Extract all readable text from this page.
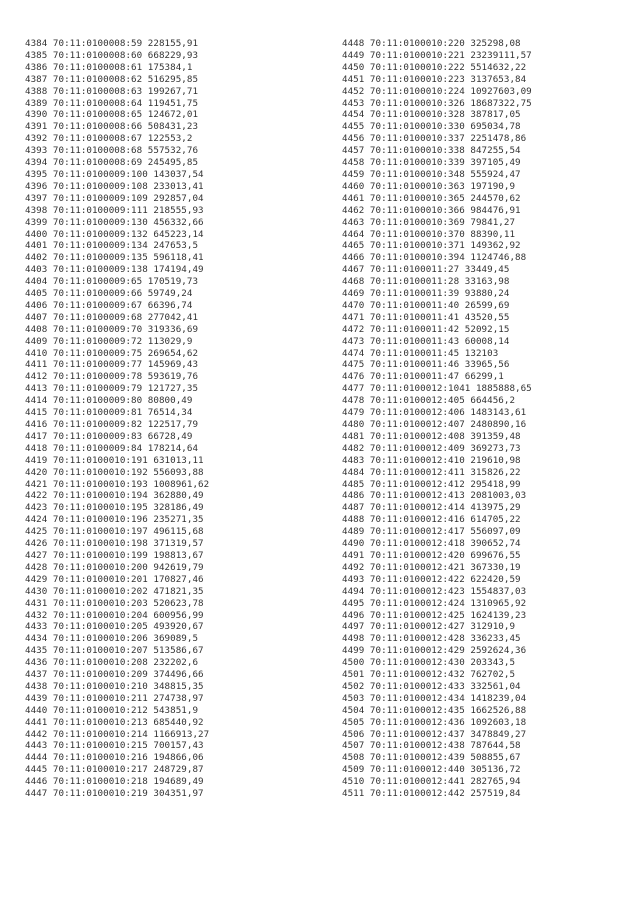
4384 70:11:0100008:59 228155,91
4385 70:11:0100008:60 668229,93
4386 70:11:0100008:61 175384,1
4387 70:11:0100008:62 516295,85
4388 70:11:0100008:63 199267,71
4389 70:11:0100008:64 119451,75
4390 70:11:0100008:65 124672,01
4391 70:11:0100008:66 508431,23
4392 70:11:0100008:67 122553,2
4393 70:11:0100008:68 557532,76
4394 70:11:0100008:69 245495,85
4395 70:11:0100009:100 143037,54
4396 70:11:0100009:108 233013,41
4397 70:11:0100009:109 292857,04
4398 70:11:0100009:111 218555,93
4399 70:11:0100009:130 456332,66
4400 70:11:0100009:132 645223,14
4401 70:11:0100009:134 247653,5
4402 70:11:0100009:135 596118,41
4403 70:11:0100009:138 174194,49
4404 70:11:0100009:65 170519,73
4405 70:11:0100009:66 59749,24
4406 70:11:0100009:67 66396,74
4407 70:11:0100009:68 277042,41
4408 70:11:0100009:70 319336,69
4409 70:11:0100009:72 113029,9
4410 70:11:0100009:75 269654,62
4411 70:11:0100009:77 145969,43
4412 70:11:0100009:78 593619,76
4413 70:11:0100009:79 121727,35
4414 70:11:0100009:80 80800,49
4415 70:11:0100009:81 76514,34
4416 70:11:0100009:82 122517,79
4417 70:11:0100009:83 66728,49
4418 70:11:0100009:84 178214,64
4419 70:11:0100010:191 631013,11
4420 70:11:0100010:192 556093,88
4421 70:11:0100010:193 1008961,62
4422 70:11:0100010:194 362880,49
4423 70:11:0100010:195 328186,49
4424 70:11:0100010:196 235271,35
4425 70:11:0100010:197 496115,68
4426 70:11:0100010:198 371319,57
4427 70:11:0100010:199 198813,67
4428 70:11:0100010:200 942619,79
4429 70:11:0100010:201 170827,46
4430 70:11:0100010:202 471821,35
4431 70:11:0100010:203 520623,78
4432 70:11:0100010:204 600956,99
4433 70:11:0100010:205 493920,67
4434 70:11:0100010:206 369089,5
4435 70:11:0100010:207 513586,67
4436 70:11:0100010:208 232202,6
4437 70:11:0100010:209 374496,66
4438 70:11:0100010:210 348815,35
4439 70:11:0100010:211 274738,97
4440 70:11:0100010:212 543851,9
4441 70:11:0100010:213 685440,92
4442 70:11:0100010:214 1166913,27
4443 70:11:0100010:215 700157,43
4444 70:11:0100010:216 194866,06
4445 70:11:0100010:217 248729,87
4446 70:11:0100010:218 194689,49
4447 70:11:0100010:219 304351,97
4448 70:11:0100010:220 325298,08
4449 70:11:0100010:221 23239111,57
4450 70:11:0100010:222 5514632,22
4451 70:11:0100010:223 3137653,84
4452 70:11:0100010:224 10927603,09
4453 70:11:0100010:326 18687322,75
4454 70:11:0100010:328 387817,05
4455 70:11:0100010:330 695034,78
4456 70:11:0100010:337 2251478,86
4457 70:11:0100010:338 847255,54
4458 70:11:0100010:339 397105,49
4459 70:11:0100010:348 555924,47
4460 70:11:0100010:363 197190,9
4461 70:11:0100010:365 244570,62
4462 70:11:0100010:366 984476,91
4463 70:11:0100010:369 79841,27
4464 70:11:0100010:370 88390,11
4465 70:11:0100010:371 149362,92
4466 70:11:0100010:394 1124746,88
4467 70:11:0100011:27 33449,45
4468 70:11:0100011:28 33163,98
4469 70:11:0100011:39 93880,24
4470 70:11:0100011:40 26599,69
4471 70:11:0100011:41 43520,55
4472 70:11:0100011:42 52092,15
4473 70:11:0100011:43 60008,14
4474 70:11:0100011:45 132103
4475 70:11:0100011:46 33965,56
4476 70:11:0100011:47 66299,1
4477 70:11:0100012:1041 1885888,65
4478 70:11:0100012:405 664456,2
4479 70:11:0100012:406 1483143,61
4480 70:11:0100012:407 2480890,16
4481 70:11:0100012:408 391359,48
4482 70:11:0100012:409 369273,73
4483 70:11:0100012:410 219610,98
4484 70:11:0100012:411 315826,22
4485 70:11:0100012:412 295418,99
4486 70:11:0100012:413 2081003,03
4487 70:11:0100012:414 413975,29
4488 70:11:0100012:416 614705,22
4489 70:11:0100012:417 556097,09
4490 70:11:0100012:418 390652,74
4491 70:11:0100012:420 699676,55
4492 70:11:0100012:421 367330,19
4493 70:11:0100012:422 622420,59
4494 70:11:0100012:423 1554837,03
4495 70:11:0100012:424 1310965,92
4496 70:11:0100012:425 1624139,23
4497 70:11:0100012:427 312910,9
4498 70:11:0100012:428 336233,45
4499 70:11:0100012:429 2592624,36
4500 70:11:0100012:430 203343,5
4501 70:11:0100012:432 762702,5
4502 70:11:0100012:433 332561,04
4503 70:11:0100012:434 1418239,04
4504 70:11:0100012:435 1662526,88
4505 70:11:0100012:436 1092603,18
4506 70:11:0100012:437 3478849,27
4507 70:11:0100012:438 787644,58
4508 70:11:0100012:439 508855,67
4509 70:11:0100012:440 305136,72
4510 70:11:0100012:441 282765,94
4511 70:11:0100012:442 257519,84
